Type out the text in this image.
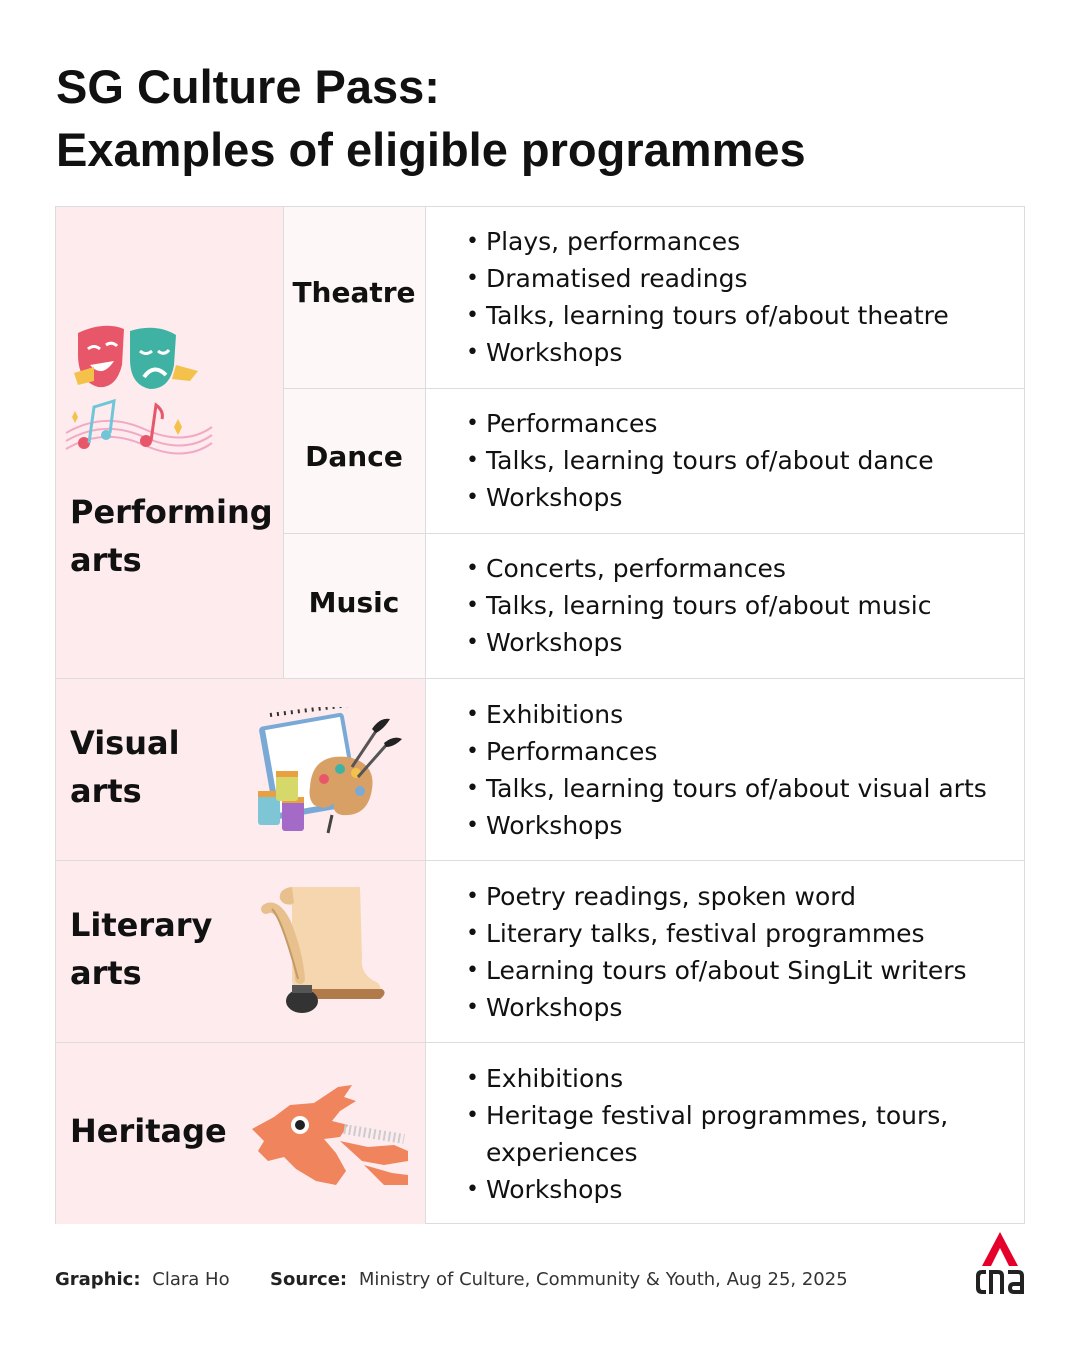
SG Culture Pass:
Examples of eligible programmes
Performing
arts
Theatre
Dance
Music
• Plays, performances
• Dramatised readings
• Talks, learning tours of/about theatre
• Workshops
• Performances
• Talks, learning tours of/about dance
• Workshops
• Concerts, performances
• Talks, learning tours of/about music
• Workshops
Visual
arts
• Exhibitions
• Performances
• Talks, learning tours of/about visual arts
• Workshops
Literary
arts
• Poetry readings, spoken word
• Literary talks, festival programmes
• Learning tours of/about SingLit writers
• Workshops
Heritage
• Exhibitions
• Heritage festival programmes, tours, experiences
• Workshops
Graphic: Clara Ho Source: Ministry of Culture, Community & Youth, Aug 25, 2025
